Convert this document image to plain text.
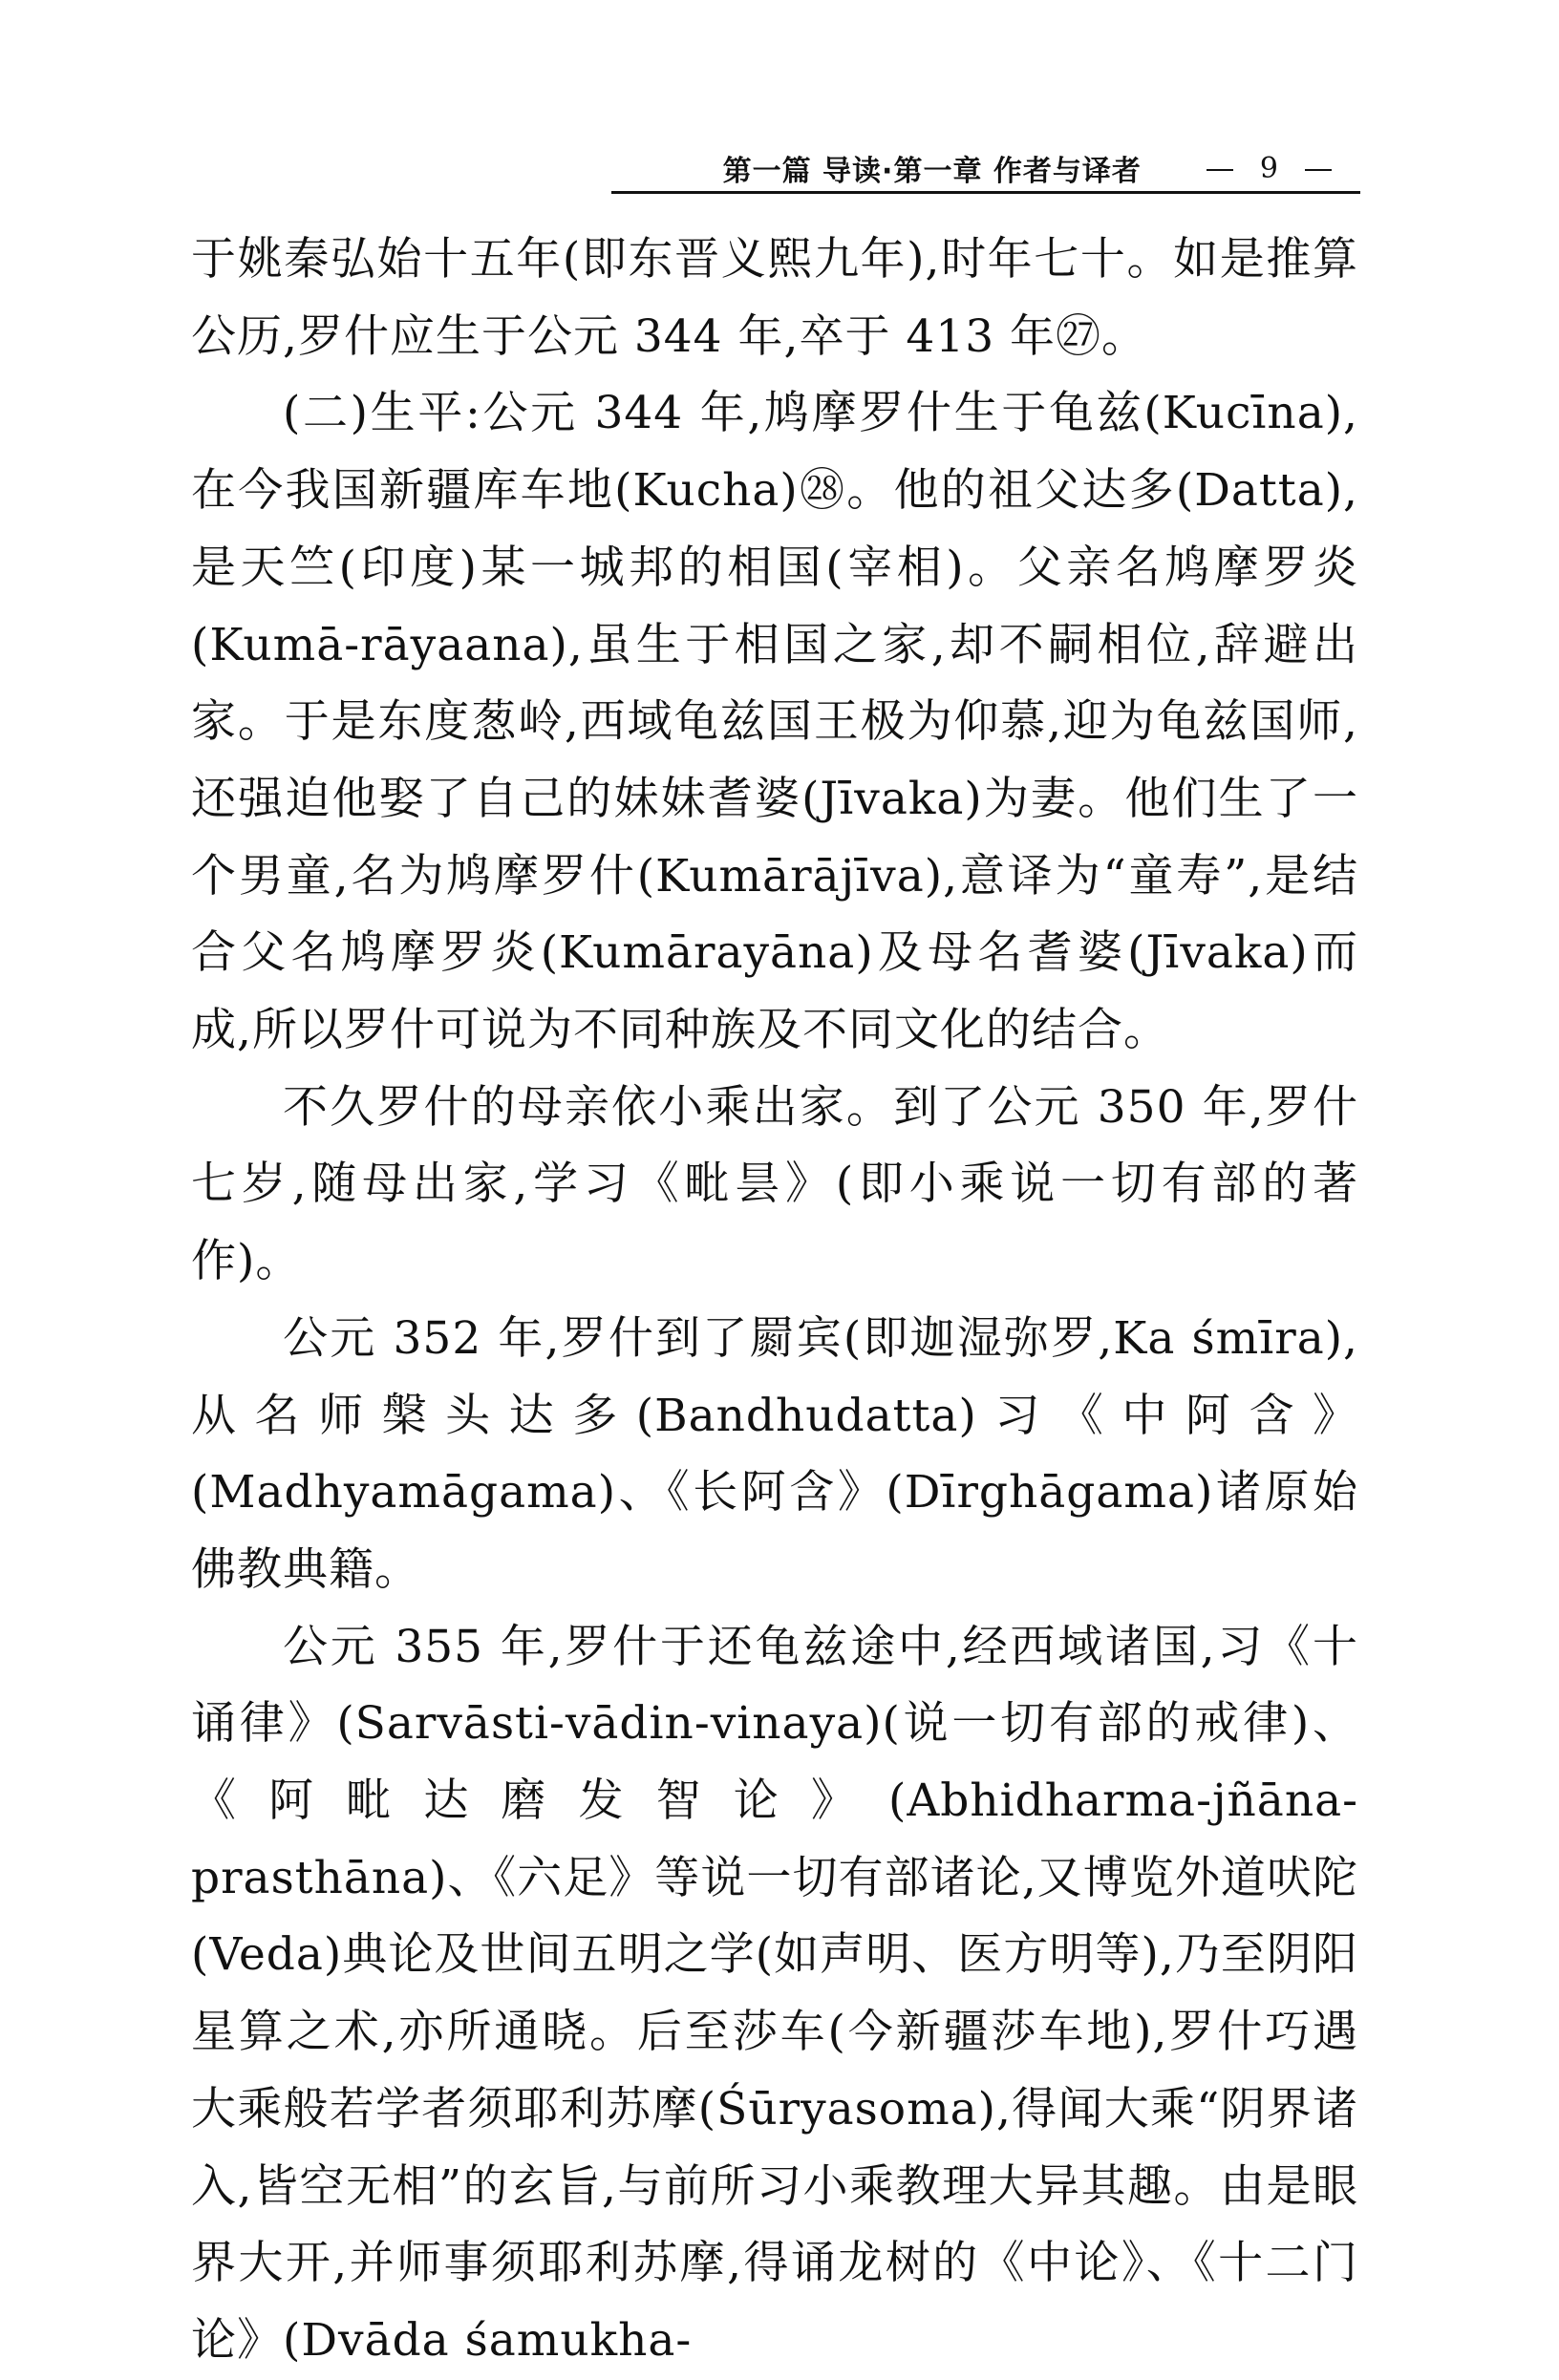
第一篇 导读·第一章 作者与译者	9

于姚秦弘始十五年(即东晋义熙九年),时年七十。如是推算公历,罗什应生于公元 344 年,卒于 413 年㉗。

(二)生平:公元 344 年,鸠摩罗什生于龟兹(Kucīna),在今我国新疆库车地(Kucha)㉘。他的祖父达多(Datta),是天竺(印度)某一城邦的相国(宰相)。父亲名鸠摩罗炎(Kumā-rāyaana),虽生于相国之家,却不嗣相位,辞避出家。于是东度葱岭,西域龟兹国王极为仰慕,迎为龟兹国师,还强迫他娶了自己的妹妹耆婆(Jīvaka)为妻。他们生了一个男童,名为鸠摩罗什(Kumārājīva),意译为“童寿”,是结合父名鸠摩罗炎(Kumārayāna)及母名耆婆(Jīvaka)而成,所以罗什可说为不同种族及不同文化的结合。

不久罗什的母亲依小乘出家。到了公元 350 年,罗什七岁,随母出家,学习《毗昙》(即小乘说一切有部的著作)。

公元 352 年,罗什到了罽宾(即迦湿弥罗,Ka śmīra),从名师槃头达多(Bandhudatta)习《中阿含》(Madhyamāgama)、《长阿含》(Dīrghāgama)诸原始佛教典籍。

公元 355 年,罗什于还龟兹途中,经西域诸国,习《十诵律》(Sarvāsti-vādin-vinaya)(说一切有部的戒律)、《阿毗达磨发智论》(Abhidharma-jñāna-prasthāna)、《六足》等说一切有部诸论,又博览外道吠陀(Veda)典论及世间五明之学(如声明、医方明等),乃至阴阳星算之术,亦所通晓。后至莎车(今新疆莎车地),罗什巧遇大乘般若学者须耶利苏摩(Śūryasoma),得闻大乘“阴界诸入,皆空无相”的玄旨,与前所习小乘教理大异其趣。由是眼界大开,并师事须耶利苏摩,得诵龙树的《中论》、《十二门论》(Dvāda śamukha-
